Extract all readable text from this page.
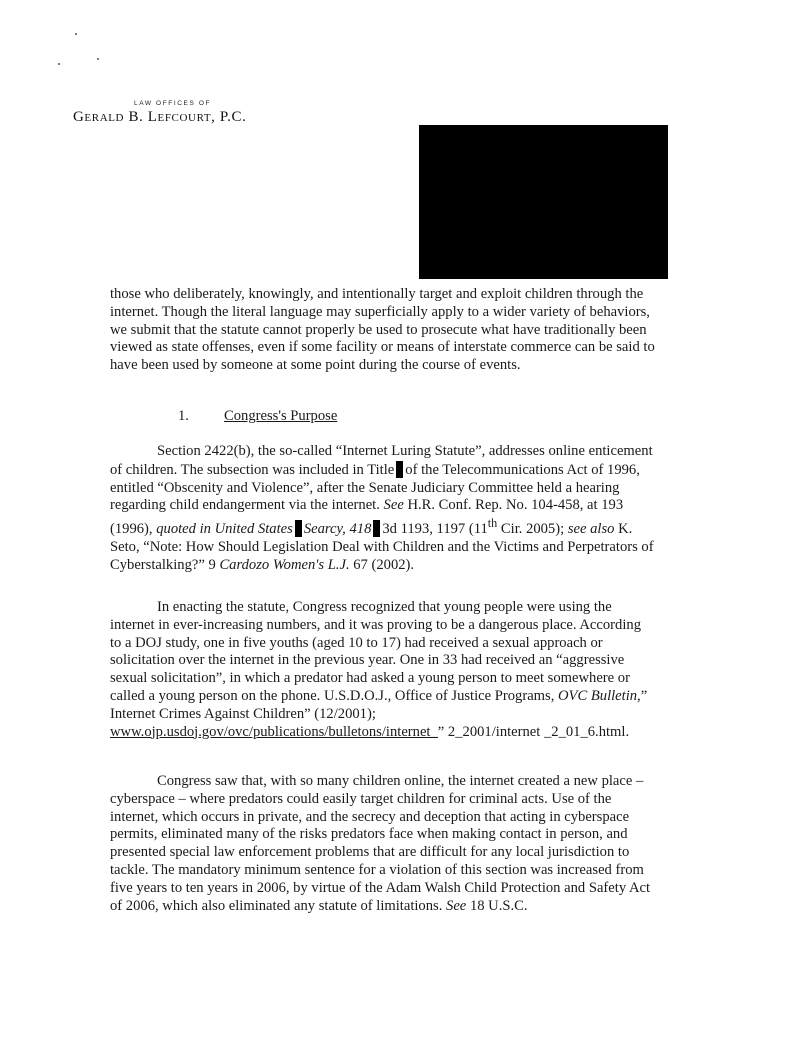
LAW OFFICES OF
Gerald B. Lefcourt, P.C.

those who deliberately, knowingly, and intentionally target and exploit children through the internet. Though the literal language may superficially apply to a wider variety of behaviors, we submit that the statute cannot properly be used to prosecute what have traditionally been viewed as state offenses, even if some facility or means of interstate commerce can be said to have been used by someone at some point during the course of events.

1. Congress's Purpose

Section 2422(b), the so-called “Internet Luring Statute”, addresses online enticement of children. The subsection was included in Title of the Telecommunications Act of 1996, entitled “Obscenity and Violence”, after the Senate Judiciary Committee held a hearing regarding child endangerment via the internet. See H.R. Conf. Rep. No. 104-458, at 193 (1996), quoted in United States Searcy, 418 3d 1193, 1197 (11th Cir. 2005); see also K. Seto, “Note: How Should Legislation Deal with Children and the Victims and Perpetrators of Cyberstalking?” 9 Cardozo Women's L.J. 67 (2002).

In enacting the statute, Congress recognized that young people were using the internet in ever-increasing numbers, and it was proving to be a dangerous place. According to a DOJ study, one in five youths (aged 10 to 17) had received a sexual approach or solicitation over the internet in the previous year. One in 33 had received an “aggressive sexual solicitation”, in which a predator had asked a young person to meet somewhere or called a young person on the phone. U.S.D.O.J., Office of Justice Programs, OVC Bulletin,” Internet Crimes Against Children” (12/2001); www.ojp.usdoj.gov/ovc/publications/bulletons/internet_” 2_2001/internet _2_01_6.html.

Congress saw that, with so many children online, the internet created a new place – cyberspace – where predators could easily target children for criminal acts. Use of the internet, which occurs in private, and the secrecy and deception that acting in cyberspace permits, eliminated many of the risks predators face when making contact in person, and presented special law enforcement problems that are difficult for any local jurisdiction to tackle. The mandatory minimum sentence for a violation of this section was increased from five years to ten years in 2006, by virtue of the Adam Walsh Child Protection and Safety Act of 2006, which also eliminated any statute of limitations. See 18 U.S.C.
